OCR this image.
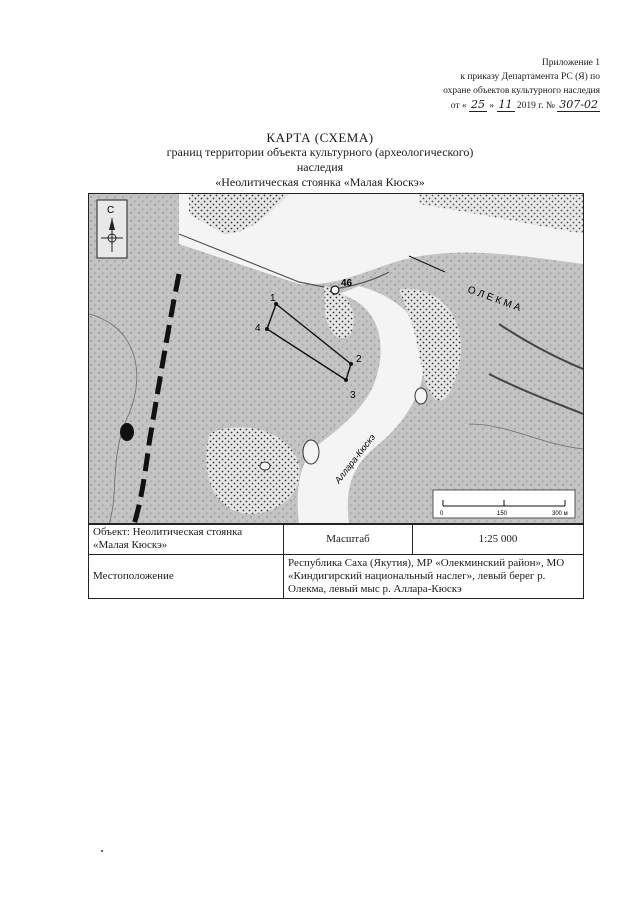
Приложение 1
к приказу Департамента РС (Я) по
охране объектов культурного наследия
от « 25 » 11 2019 г. № 307-02
КАРТА (СХЕМА)
границ территории объекта культурного (археологического)
наследия
«Неолитическая стоянка «Малая Кюскэ»
1
2
3
4
46
О Л Е К М А
Аллара-Кюскэ
С
0	150	300 м
Объект: Неолитическая стоянка «Малая Кюскэ»	Масштаб	1:25 000
Местоположение	Республика Саха (Якутия), МР «Олекминский район», МО «Киндигирский национальный наслег», левый берег р. Олекма, левый мыс р. Аллара-Кюскэ	
